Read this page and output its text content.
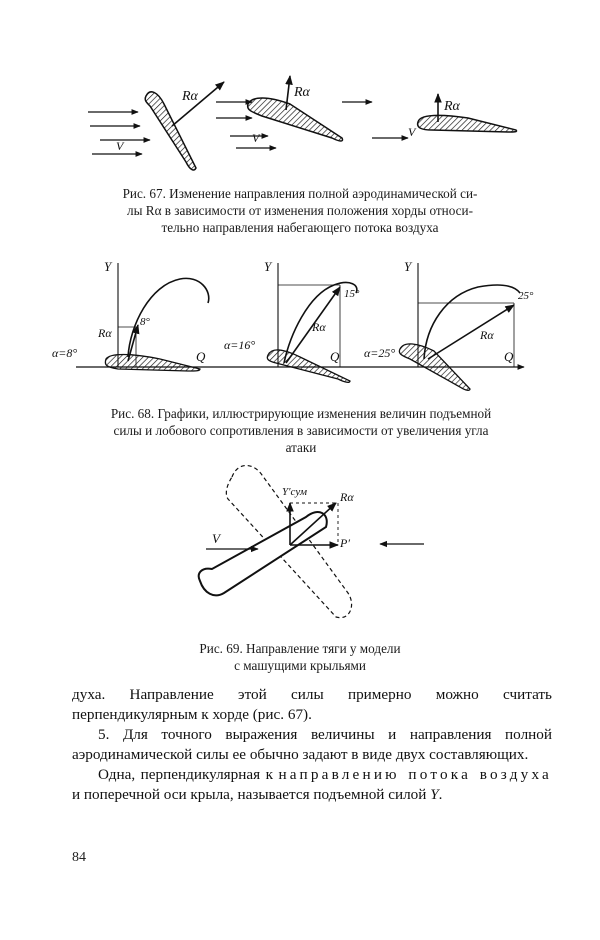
V
Rα
V
Rα
V
Rα
Рис. 67. Изменение направления полной аэродинамической си-
лы Rα в зависимости от изменения положения хорды относи-
тельно направления набегающего потока воздуха
Y
Rα
8°
α=8°	Q
Y
Rα
15°
α=16°
Q
Y
Rα
25°
α=25°	Q
Рис. 68. Графики, иллюстрирующие изменения величин подъемной
силы и лобового сопротивления в зависимости от увеличения угла
атаки
Y′сум	Rα
P′
V
Рис. 69. Направление тяги у модели
с машущими крыльями

духа. Направление этой силы примерно можно считать перпендикулярным к хорде (рис. 67).

5. Для точного выражения величины и направления полной аэродинамической силы ее обычно задают в виде двух составляющих.

Одна, перпендикулярная к направлению потока воздуха и поперечной оси крыла, называется подъемной силой Y.

84
